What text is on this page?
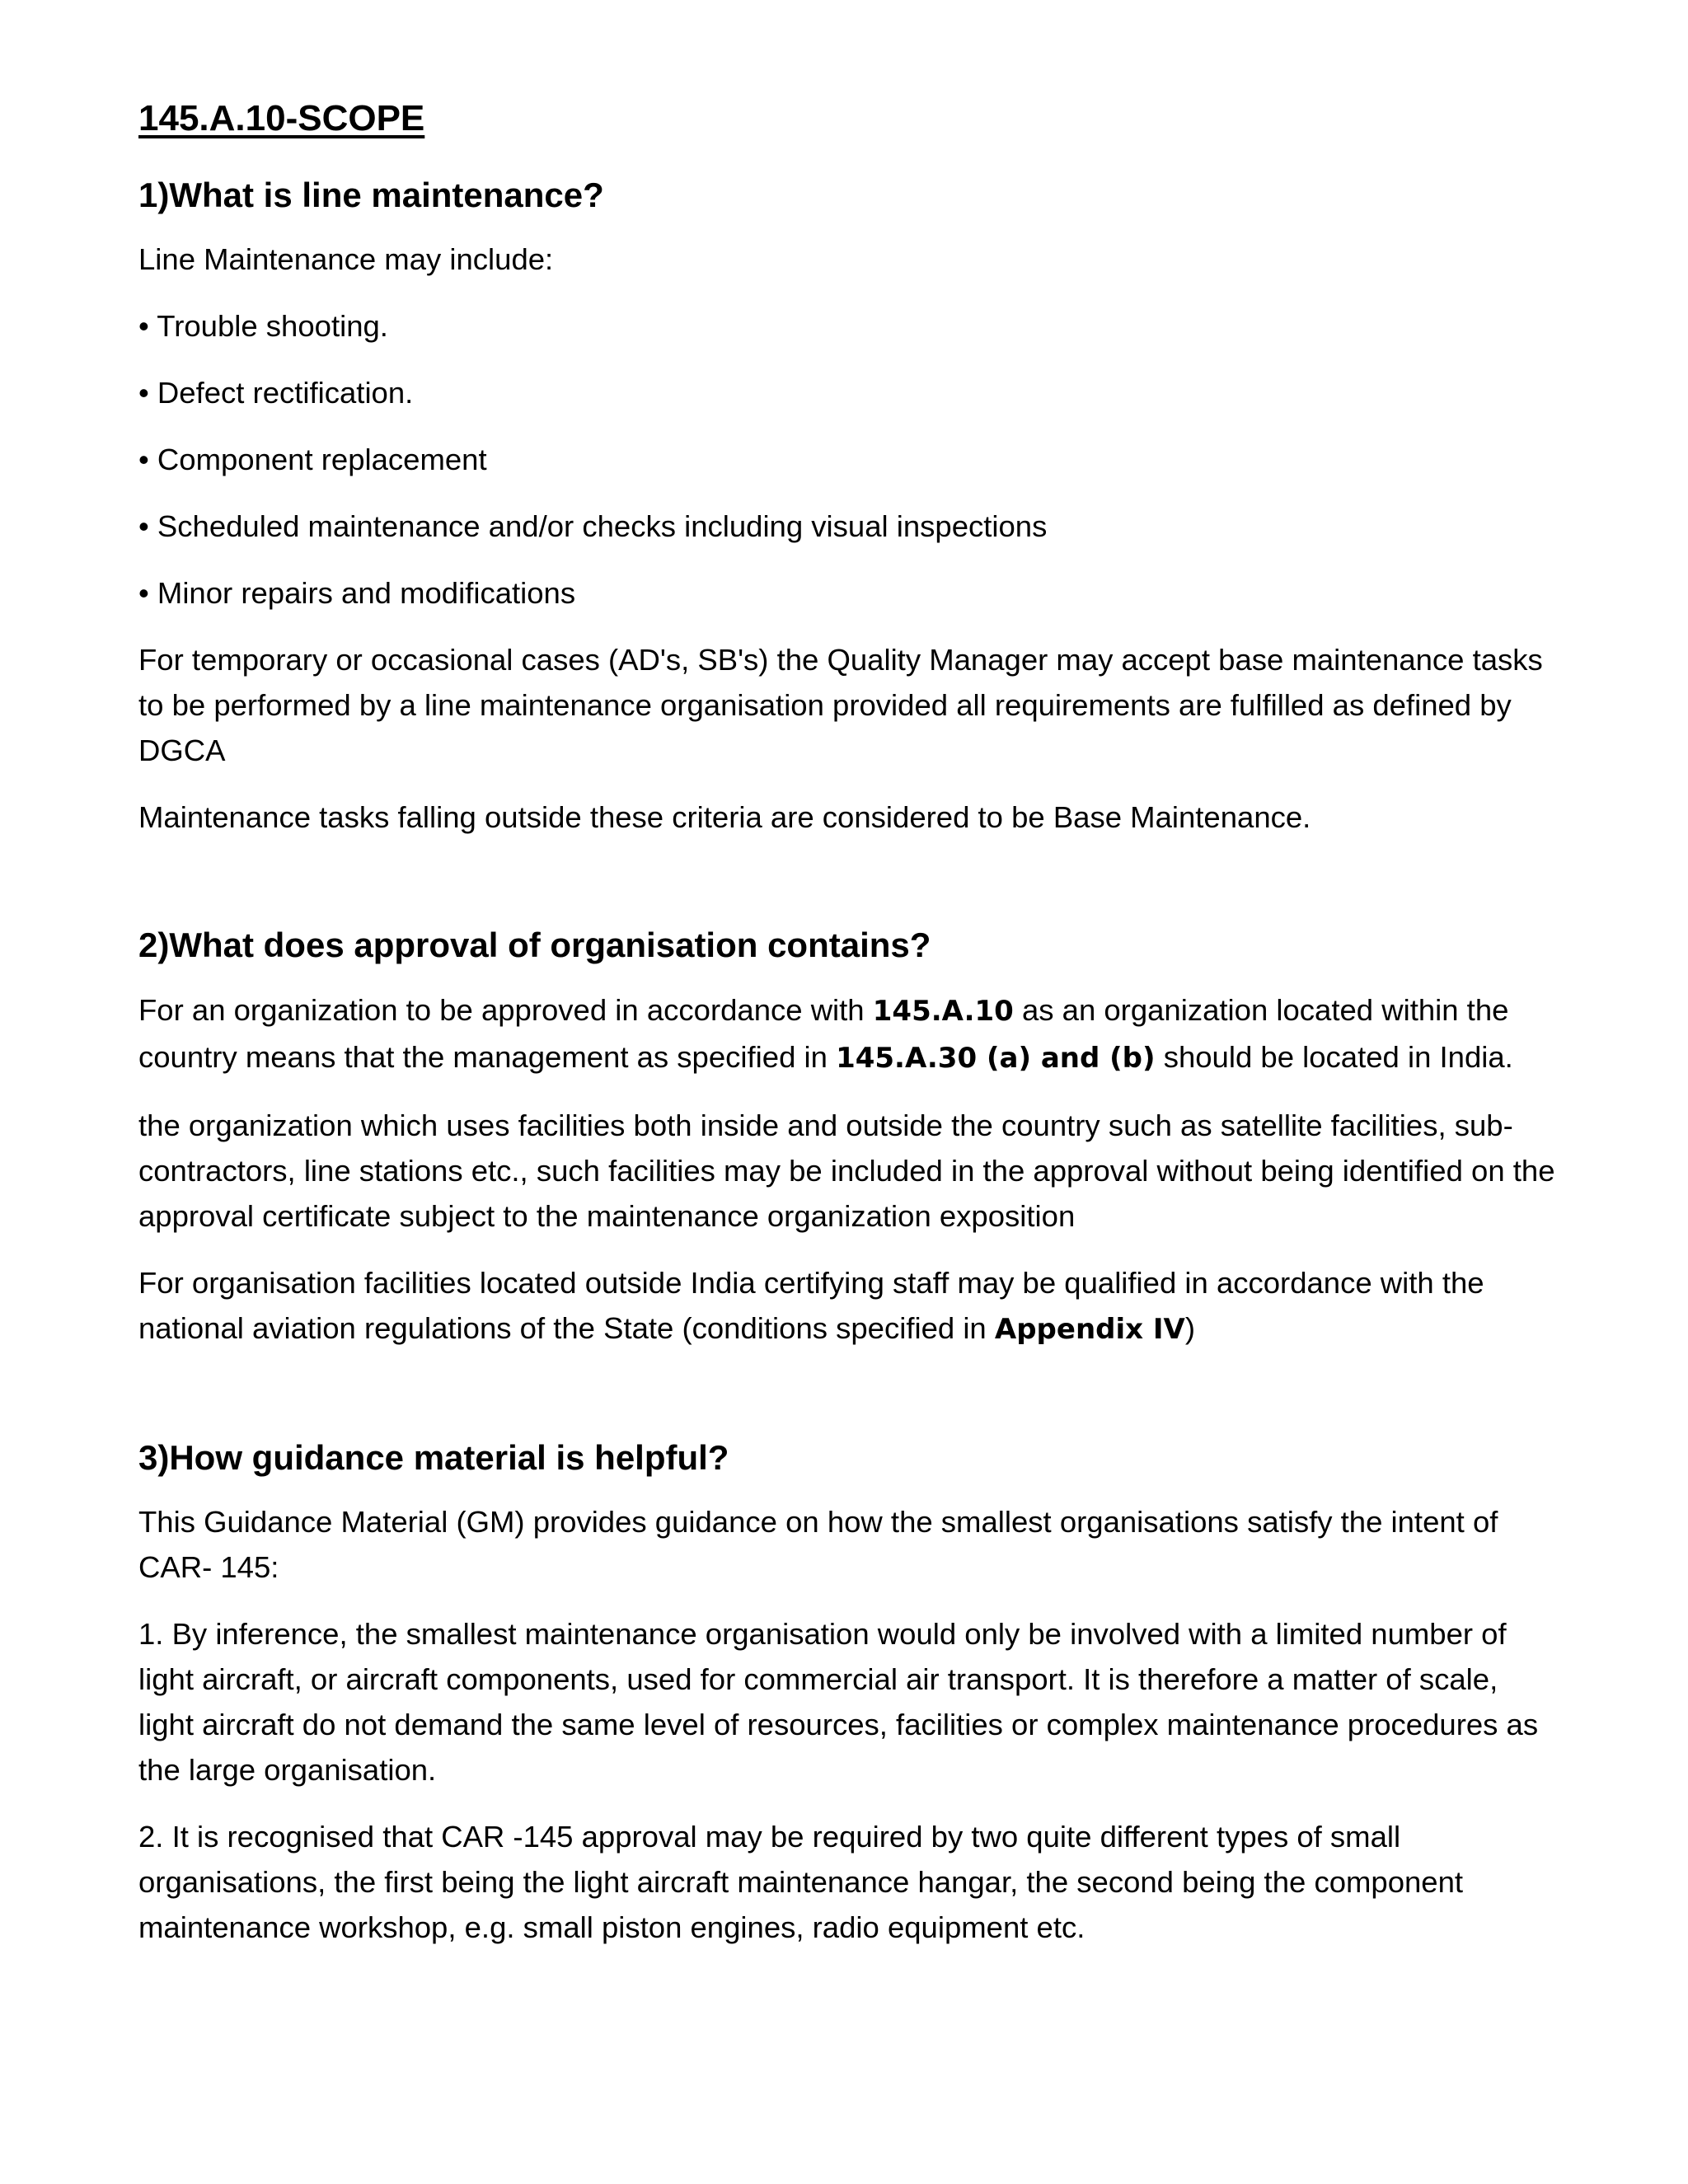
145.A.10-SCOPE
1)What is line maintenance?

Line Maintenance may include:

• Trouble shooting.

• Defect rectification.

• Component replacement

• Scheduled maintenance and/or checks including visual inspections

• Minor repairs and modifications

For temporary or occasional cases (AD's, SB's) the Quality Manager may accept base maintenance tasks to be performed by a line maintenance organisation provided all requirements are fulfilled as defined by DGCA

Maintenance tasks falling outside these criteria are considered to be Base Maintenance.

2)What does approval of organisation contains?

For an organization to be approved in accordance with 145.A.10 as an organization located within the country means that the management as specified in 145.A.30 (a) and (b) should be located in India.

the organization which uses facilities both inside and outside the country such as satellite facilities, sub-contractors, line stations etc., such facilities may be included in the approval without being identified on the approval certificate subject to the maintenance organization exposition

For organisation facilities located outside India certifying staff may be qualified in accordance with the national aviation regulations of the State (conditions specified in Appendix IV)

3)How guidance material is helpful?

This Guidance Material (GM) provides guidance on how the smallest organisations satisfy the intent of CAR- 145:

1. By inference, the smallest maintenance organisation would only be involved with a limited number of light aircraft, or aircraft components, used for commercial air transport. It is therefore a matter of scale, light aircraft do not demand the same level of resources, facilities or complex maintenance procedures as the large organisation.

2. It is recognised that CAR -145 approval may be required by two quite different types of small organisations, the first being the light aircraft maintenance hangar, the second being the component maintenance workshop, e.g. small piston engines, radio equipment etc.
